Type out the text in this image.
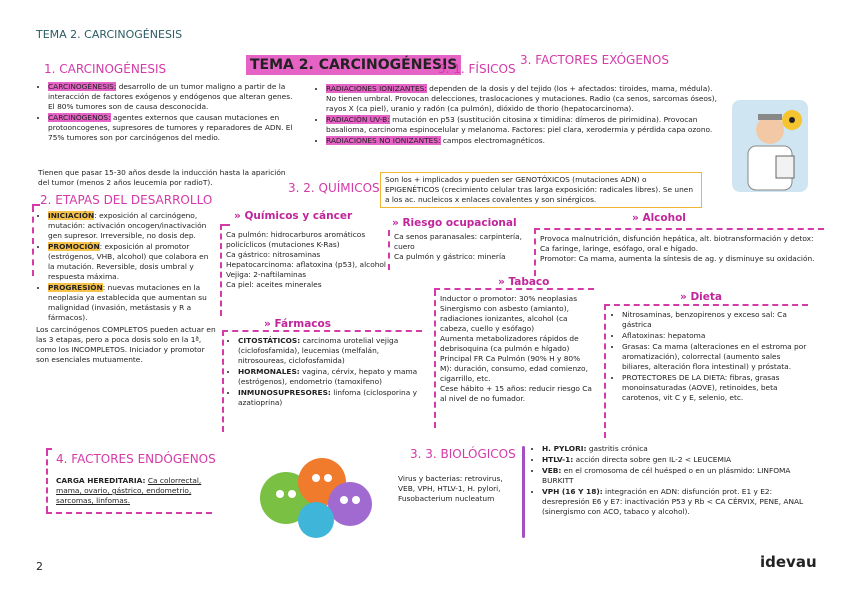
TEMA 2. CARCINOGÉNESIS
TEMA 2. CARCINOGÉNESIS
1. CARCINOGÉNESIS
• CARCINOGÉNESIS: desarrollo de un tumor maligno a partir de la interacción de factores exógenos y endógenos que alteran genes. El 80% tumores son de causa desconocida.
• CARCINÓGENOS: agentes externos que causan mutaciones en protooncogenes, supresores de tumores y reparadores de ADN. El 75% tumores son por carcinógenos del medio.
Tienen que pasar 15-30 años desde la inducción hasta la aparición del tumor (menos 2 años leucemia por radioT).
2. ETAPAS DEL DESARROLLO
• INICIACIÓN: exposición al carcinógeno, mutación: activación oncogen/inactivación gen supresor. Irreversible, no dosis dep.
• PROMOCIÓN: exposición al promotor (estrógenos, VHB, alcohol) que colabora en la mutación. Reversible, dosis umbral y respuesta máxima.
• PROGRESIÓN: nuevas mutaciones en la neoplasia ya establecida que aumentan su malignidad (invasión, metástasis y R a fármacos).
Los carcinógenos COMPLETOS pueden actuar en las 3 etapas, pero a poca dosis solo en la 1ª, como los INCOMPLETOS. Iniciador y promotor son esenciales mutuamente.
3. FACTORES EXÓGENOS
3. 1. FÍSICOS
• RADIACIONES IONIZANTES: dependen de la dosis y del tejido (los + afectados: tiroides, mama, médula). No tienen umbral. Provocan delecciones, traslocaciones y mutaciones. Radio (ca senos, sarcomas óseos), rayos X (ca piel), uranio y radón (ca pulmón), dióxido de thorio (hepatocarcinoma).
• RADIACIÓN UV-B: mutación en p53 (sustitución citosina x timidina: dímeros de pirimidina). Provocan basalioma, carcinoma espinocelular y melanoma. Factores: piel clara, xerodermia y pérdida capa ozono.
• RADIACIONES NO IONIZANTES: campos electromagnéticos.
3. 2. QUÍMICOS
Son los + implicados y pueden ser GENOTÓXICOS (mutaciones ADN) o EPIGENÉTICOS (crecimiento celular tras larga exposición: radicales libres). Se unen a los ac. nucleicos x enlaces covalentes y son sinérgicos.
» Químicos y cáncer
Ca pulmón: hidrocarburos aromáticos policíclicos (mutaciones K-Ras)
Ca gástrico: nitrosaminas
Hepatocarcinoma: aflatoxina (p53), alcohol
Vejiga: 2-naftilaminas
Ca piel: aceites minerales
» Riesgo ocupacional
Ca senos paranasales: carpintería, cuero
Ca pulmón y gástrico: minería
» Alcohol
Provoca malnutrición, disfunción hepática, alt. biotransformación y detox: Ca faringe, laringe, esófago, oral e hígado.
Promotor: Ca mama, aumenta la síntesis de ag. y disminuye su oxidación.
» Tabaco
Inductor o promotor: 30% neoplasias
Sinergismo con asbesto (amianto), radiaciones ionizantes, alcohol (ca cabeza, cuello y esófago)
Aumenta metabolizadores rápidos de debrisoquina (ca pulmón e hígado)
Principal FR Ca Pulmón (90% H y 80% M): duración, consumo, edad comienzo, cigarrillo, etc.
Cese hábito + 15 años: reducir riesgo Ca al nivel de no fumador.
» Dieta
• Nitrosaminas, benzopirenos y exceso sal: Ca gástrica
• Aflatoxinas: hepatoma
• Grasas: Ca mama (alteraciones en el estroma por aromatización), colorrectal (aumento sales biliares, alteración flora intestinal) y próstata.
• PROTECTORES DE LA DIETA: fibras, grasas monoinsaturadas (AOVE), retinoides, beta carotenos, vit C y E, selenio, etc.
» Fármacos
• CITOSTÁTICOS: carcinoma urotelial vejiga (ciclofosfamida), leucemias (melfalán, nitrosoureas, ciclofosfamida)
• HORMONALES: vagina, cérvix, hepato y mama (estrógenos), endometrio (tamoxifeno)
• INMUNOSUPRESORES: linfoma (ciclosporina y azatioprina)
4. FACTORES ENDÓGENOS
CARGA HEREDITARIA: Ca colorrectal, mama, ovario, gástrico, endometrio, sarcomas, linfomas.
3. 3. BIOLÓGICOS
Virus y bacterias: retrovirus, VEB, VPH, HTLV-1, H. pylori, Fusobacterium nucleatum
• H. PYLORI: gastritis crónica
• HTLV-1: acción directa sobre gen IL-2 < LEUCEMIA
• VEB: en el cromosoma de cél huésped o en un plásmido: LINFOMA BURKITT
• VPH (16 Y 18): integración en ADN: disfunción prot. E1 y E2: desrepresión E6 y E7: inactivación P53 y Rb < CA CÉRVIX, PENE, ANAL (sinergismo con ACO, tabaco y alcohol).
2	idevau
